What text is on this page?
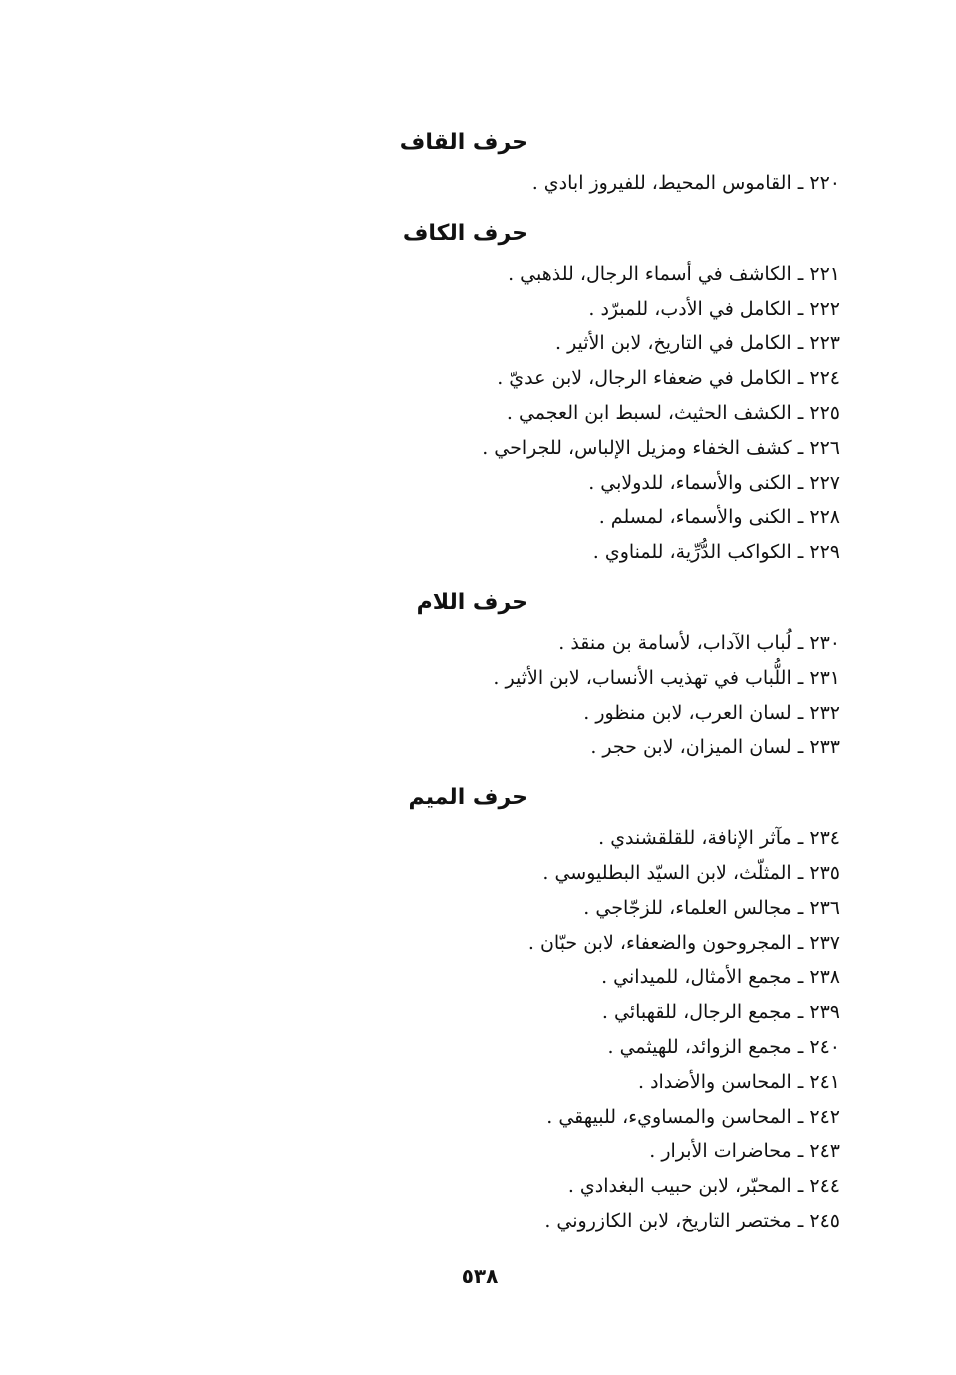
حرف القاف
٢٢٠ ـ القاموس المحيط، للفيروز ابادي .
حرف الكاف
٢٢١ ـ الكاشف في أسماء الرجال، للذهبي .
٢٢٢ ـ الكامل في الأدب، للمبرّد .
٢٢٣ ـ الكامل في التاريخ، لابن الأثير .
٢٢٤ ـ الكامل في ضعفاء الرجال، لابن عديّ .
٢٢٥ ـ الكشف الحثيث، لسبط ابن العجمي .
٢٢٦ ـ كشف الخفاء ومزيل الإلباس، للجراحي .
٢٢٧ ـ الكنى والأسماء، للدولابي .
٢٢٨ ـ الكنى والأسماء، لمسلم .
٢٢٩ ـ الكواكب الدُّرِّية، للمناوي .
حرف اللام
٢٣٠ ـ لُباب الآداب، لأسامة بن منقذ .
٢٣١ ـ اللُّباب في تهذيب الأنساب، لابن الأثير .
٢٣٢ ـ لسان العرب، لابن منظور .
٢٣٣ ـ لسان الميزان، لابن حجر .
حرف الميم
٢٣٤ ـ مآثر الإنافة، للقلقشندي .
٢٣٥ ـ المثلّث، لابن السيّد البطليوسي .
٢٣٦ ـ مجالس العلماء، للزجّاجي .
٢٣٧ ـ المجروحون والضعفاء، لابن حبّان .
٢٣٨ ـ مجمع الأمثال، للميداني .
٢٣٩ ـ مجمع الرجال، للقهبائي .
٢٤٠ ـ مجمع الزوائد، للهيثمي .
٢٤١ ـ المحاسن والأضداد .
٢٤٢ ـ المحاسن والمساويء، للبيهقي .
٢٤٣ ـ محاضرات الأبرار .
٢٤٤ ـ المحبّر، لابن حبيب البغدادي .
٢٤٥ ـ مختصر التاريخ، لابن الكازروني .
٥٣٨
